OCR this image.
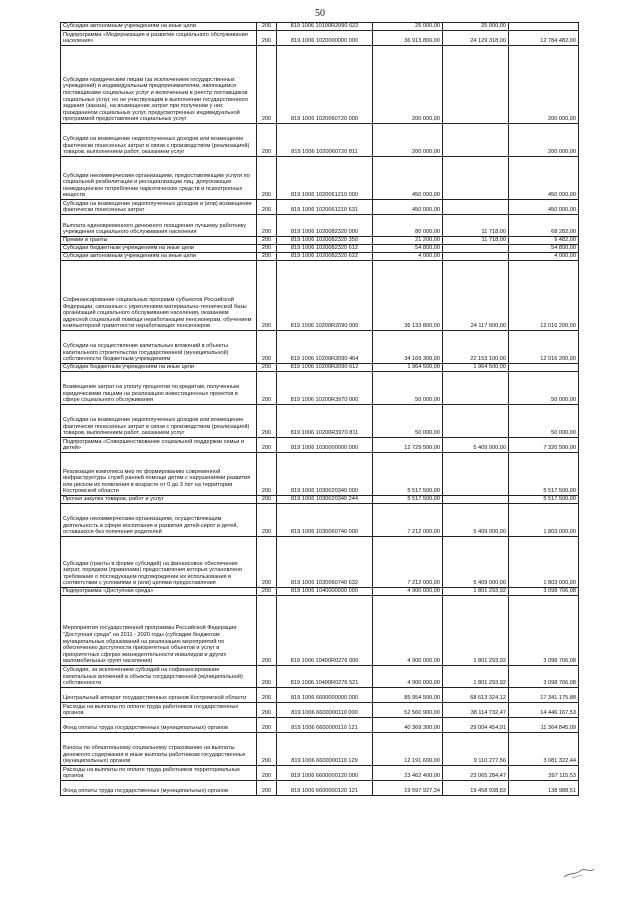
50
Субсидии автономным учреждениям на иные цели	200	819 1006 10100R2090 622	25 000,00	25 000,00	
Подпрограмма «Модернизация и развитие социального обслуживания населения»	200	819 1006 1020000000 000	36 913 800,00	24 129 318,00	12 784 482,00
Субсидии юридическим лицам (за исключением государственных учреждений) и индивидуальным предпринимателям, являющимся поставщиками социальных услуг и включенным в реестр поставщиков социальных услуг, но не участвующим в выполнении государственного задания (заказа), на возмещение затрат при получении у них гражданином социальных услуг, предусмотренных индивидуальной программой предоставления социальных услуг	200	819 1006 1020060720 000	200 000,00		200 000,00
Субсидии на возмещение недополученных доходов или возмещение фактически понесенных затрат в связи с производством (реализацией) товаров, выполнением работ, оказанием услуг	200	819 1006 1020060720 811	200 000,00		200 000,00
Субсидии некоммерческим организациям, предоставляющим услуги по социальной реабилитации и ресоциализации лиц, допускающих немедицинское потребление наркотических средств и психотропных веществ	200	819 1006 1020061210 000	450 000,00		450 000,00
Субсидии на возмещение недополученных доходов и (или) возмещение фактически понесенных затрат	200	819 1006 1020061210 631	450 000,00		450 000,00
Выплата единовременного денежного поощрения лучшему работнику учреждения социального обслуживания населения	200	819 1006 1020082320 000	80 000,00	11 718,00	68 282,00
Премии и гранты	200	819 1006 1020082320 350	21 200,00	11 718,00	9 482,00
Субсидии бюджетным учреждениям на иные цели	200	819 1006 1020082320 612	54 800,00		54 800,00
Субсидии автономным учреждениям на иные цели	200	819 1006 1020082320 622	4 000,00		4 000,00
Софинансирование социальных программ субъектов Российской Федерации, связанных с укреплением материально-технической базы организаций социального обслуживания населения, оказанием адресной социальной помощи неработающим пенсионерам, обучением компьютерной грамотности неработающих пенсионеров	200	819 1006 10200R2090 000	36 133 800,00	24 117 600,00	12 016 200,00
Субсидии на осуществление капитальных вложений в объекты капитального строительства государственной (муниципальной) собственности бюджетным учреждениям	200	819 1006 10200R2090 464	34 169 300,00	22 153 100,00	12 016 200,00
Субсидии бюджетным учреждениям на иные цели	200	819 1006 10200R2090 612	1 964 500,00	1 964 500,00	
Возмещение затрат на уплату процентов по кредитам, полученным юридическими лицами на реализацию инвестиционных проектов в сфере социального обслуживания	200	819 1006 10200R3970 000	50 000,00		50 000,00
Субсидии на возмещение недополученных доходов или возмещение фактически понесенных затрат в связи с производством (реализацией) товаров, выполнением работ, оказанием услуг	200	819 1006 10200R3970 811	50 000,00		50 000,00
Подпрограмма «Совершенствование социальной поддержки семьи и детей»	200	819 1006 1030000000 000	12 729 500,00	5 409 000,00	7 320 500,00
Реализация комплекса мер по формированию современной инфраструктуры служб ранней помощи детям с нарушениями развития или риском их появления в возрасте от 0 до 3 лет на территории Костромской области	200	819 1006 1030020340 000	5 517 500,00		5 517 500,00
Прочая закупка товаров, работ и услуг	200	819 1006 1030020340 244	5 517 500,00		5 517 500,00
Субсидии некоммерческим организациям, осуществляющим деятельность в сфере воспитания и развития детей-сирот и детей, оставшихся без попечения родителей	200	819 1006 1030060740 000	7 212 000,00	5 409 000,00	1 803 000,00
Субсидии (гранты в форме субсидий) на финансовое обеспечение затрат, порядком (правилами) предоставления которых установлено требование о последующем подтверждении их использования в соответствии с условиями и (или) целями предоставления	200	819 1006 1030060740 632	7 212 000,00	5 409 000,00	1 803 000,00
Подпрограмма «Доступная среда»	200	819 1006 1040000000 000	4 900 000,00	1 801 293,92	3 098 706,08
Мероприятия государственной программы Российской Федерации "Доступная среда" на 2011 - 2020 годы (субсидии бюджетам муниципальных образований на реализацию мероприятий по обеспечению доступности приоритетных объектов и услуг в приоритетных сферах жизнедеятельности инвалидов и других маломобильных групп населения)	200	819 1006 10400R0276 000	4 900 000,00	1 801 293,92	3 098 706,08
Субсидии, за исключением субсидий на софинансирование капитальных вложений в объекты государственной (муниципальной) собственности	200	819 1006 10400R0276 521	4 900 000,00	1 801 293,92	3 098 706,08
Центральный аппарат государственных органов Костромской области	200	819 1006 6600000000 000	85 954 500,00	68 613 324,12	17 341 175,88
Расходы на выплаты по оплате труда работников государственных органов	200	819 1006 6600000110 000	52 560 900,00	38 114 732,47	14 446 167,53
Фонд оплаты труда государственных (муниципальных) органов	200	819 1006 6600000110 121	40 369 300,00	29 004 454,91	11 364 845,09
Взносы по обязательному социальному страхованию на выплаты денежного содержания и иные выплаты работникам государственных (муниципальных) органов	200	819 1006 6600000110 129	12 191 600,00	9 110 277,56	3 081 322,44
Расходы на выплаты по оплате труда работников территориальных органов	200	819 1006 6600000120 000	23 462 400,00	23 065 284,47	397 115,53
Фонд оплаты труда государственных (муниципальных) органов	200	819 1006 6600000120 121	19 597 927,34	19 458 938,83	138 988,51
